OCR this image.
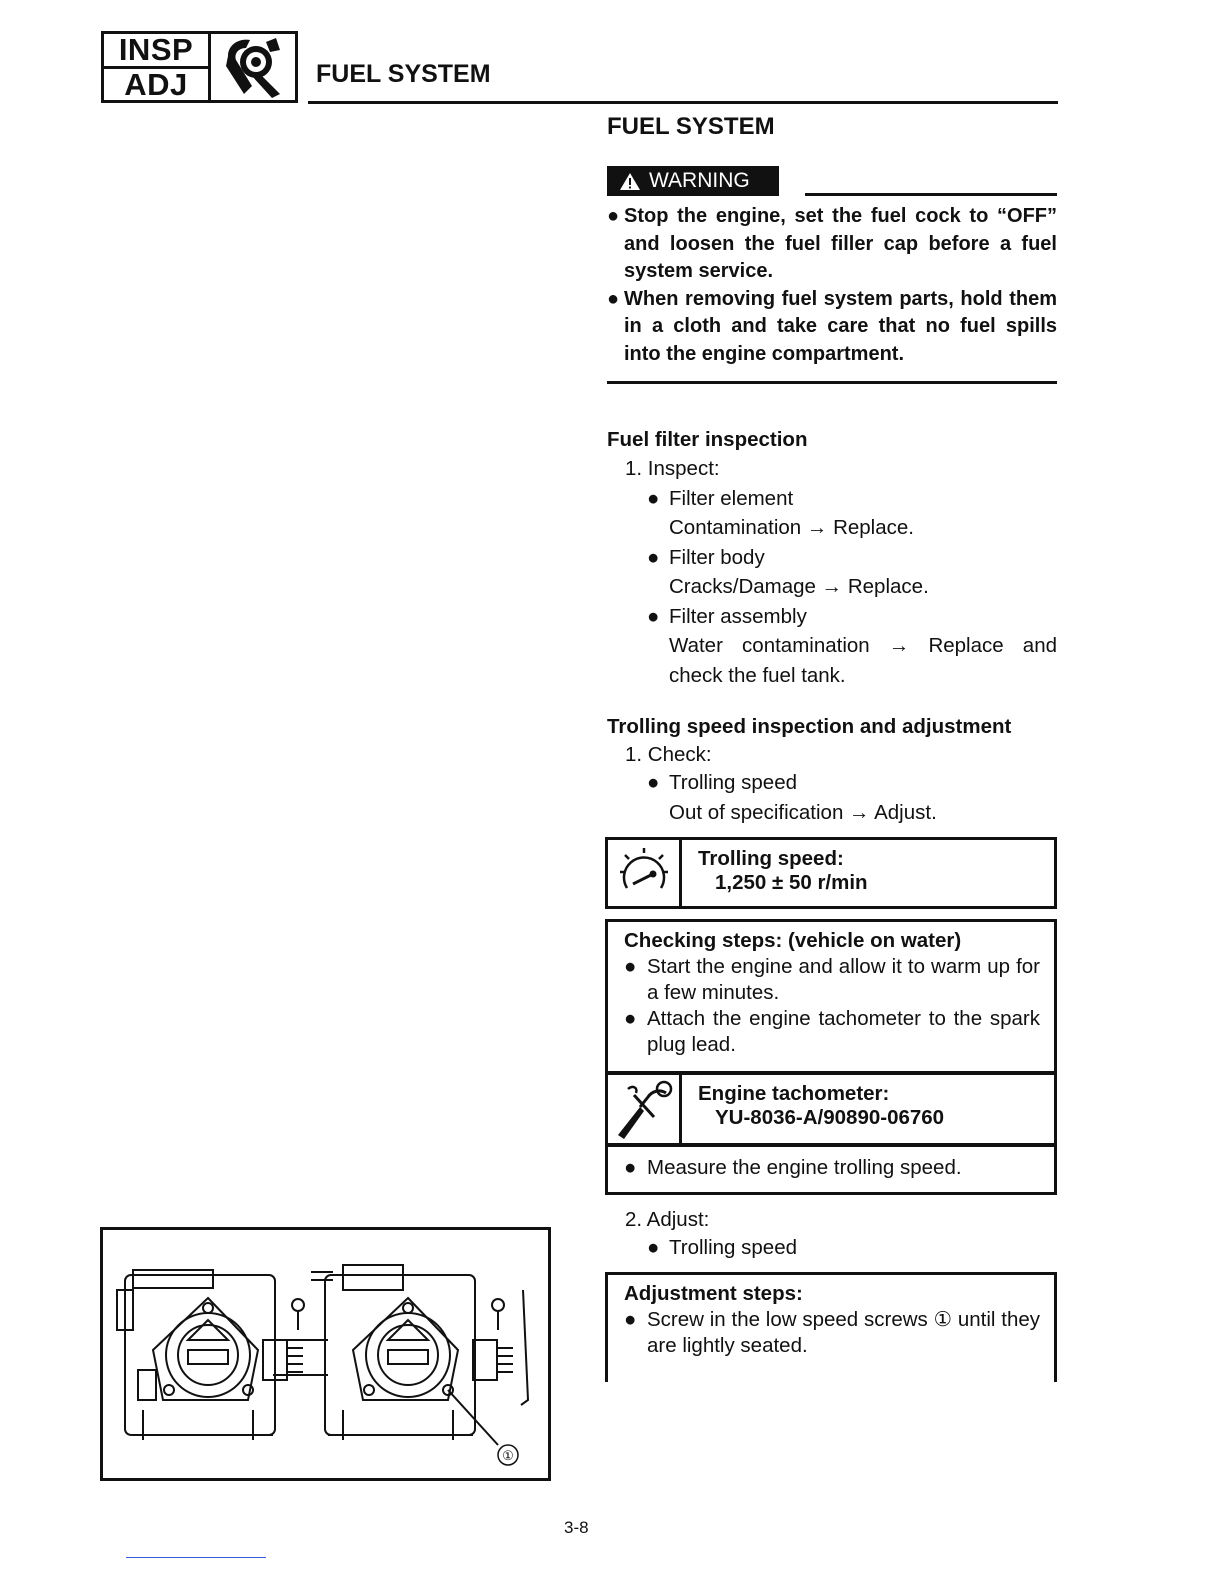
INSP
ADJ	FUEL SYSTEM
FUEL SYSTEM
WARNING

● Stop the engine, set the fuel cock to “OFF” and loosen the fuel filler cap before a fuel system service.

● When removing fuel system parts, hold them in a cloth and take care that no fuel spills into the engine compartment.

Fuel filter inspection
1. Inspect:
● Filter element
Contamination → Replace.
● Filter body
Cracks/Damage → Replace.
● Filter assembly
Water contamination → Replace and check the fuel tank.
Trolling speed inspection and adjustment
1. Check:
● Trolling speed
Out of specification → Adjust.
Trolling speed:
1,250 ± 50 r/min
Checking steps: (vehicle on water)

● Start the engine and allow it to warm up for a few minutes.

● Attach the engine tachometer to the spark plug lead.

Engine tachometer:
YU-8036-A/90890-06760

● Measure the engine trolling speed.

2. Adjust:
● Trolling speed
Adjustment steps:

● Screw in the low speed screws ① until they are lightly seated.

①
3-8
